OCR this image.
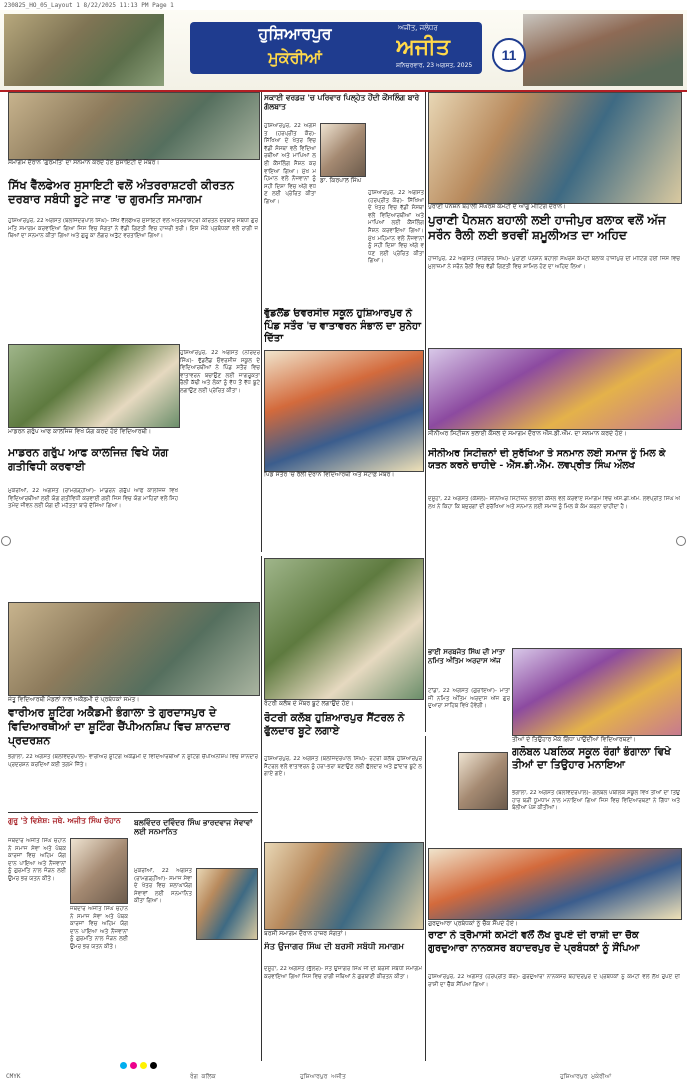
230825_HO_05_Layout 1 8/22/2025 11:13 PM Page 1
ਹੁਸ਼ਿਆਰਪੁਰ
ਮੁਕੇਰੀਆਂ
ਅਜੀਤ, ਜਲੰਧਰ
ਅਜੀਤ
ਸ਼ਨਿਚਰਵਾਰ, 23 ਅਗਸਤ, 2025
11
ਸਮਾਗਮ ਦੌਰਾਨ 'ਗੁਰਮਤਿ' ਦਾ ਸਨਮਾਨ ਕਰਦੇ ਹੋਏ ਸੁਸਾਇਟੀ ਦੇ ਮੈਂਬਰ।
ਸਿੱਖ ਵੈੱਲਫੇਅਰ ਸੁਸਾਇਟੀ ਵਲੋਂ ਅੰਤਰਰਾਸ਼ਟਰੀ ਕੀਰਤਨ ਦਰਬਾਰ ਸਬੰਧੀ ਬੂਟੇ ਜਾਣ 'ਚ ਗੁਰਮਤਿ ਸਮਾਗਮ
ਹੁਸ਼ਿਆਰਪੁਰ, 22 ਅਗਸਤ (ਬਲਜਿੰਦਰਪਾਲ ਸਿੰਘ)- ਸਿੱਖ ਵੈੱਲਫੇਅਰ ਸੁਸਾਇਟੀ ਵਲੋਂ ਅੰਤਰਰਾਸ਼ਟਰੀ ਕੀਰਤਨ ਦਰਬਾਰ ਸਬੰਧੀ ਗੁਰਮਤਿ ਸਮਾਗਮ ਕਰਵਾਇਆ ਗਿਆ ਜਿਸ ਵਿਚ ਸੰਗਤਾਂ ਨੇ ਵੱਡੀ ਗਿਣਤੀ ਵਿਚ ਹਾਜ਼ਰੀ ਭਰੀ। ਇਸ ਮੌਕੇ ਪ੍ਰਬੰਧਕਾਂ ਵਲੋਂ ਰਾਗੀ ਜਥਿਆਂ ਦਾ ਸਨਮਾਨ ਕੀਤਾ ਗਿਆ ਅਤੇ ਗੁਰੂ ਕਾ ਲੰਗਰ ਅਤੁੱਟ ਵਰਤਾਇਆ ਗਿਆ।
ਸਕਾਈ ਵਰਡਜ਼ 'ਚ ਪਰਿਵਾਰ ਪਿਲ੍ਹੇਤ ਹੌਂਦੀ ਕੌਂਸਲਿੰਗ ਬਾਰੇ ਗੱਲਬਾਤ
ਡਾ. ਕਿਰਪਾਲ ਸਿੰਘ
ਹੁਸ਼ਿਆਰਪੁਰ, 22 ਅਗਸਤ (ਹਰਪ੍ਰੀਤ ਕੌਰ)- ਸਿੱਖਿਆ ਦੇ ਖੇਤਰ ਵਿਚ ਵੱਡੀ ਸੰਸਥਾ ਵਲੋਂ ਵਿਦਿਆਰਥੀਆਂ ਅਤੇ ਮਾਪਿਆਂ ਲਈ ਕੌਂਸਲਿੰਗ ਸੈਸ਼ਨ ਕਰਵਾਇਆ ਗਿਆ। ਮੁੱਖ ਮਹਿਮਾਨ ਵਲੋਂ ਨੌਜਵਾਨਾਂ ਨੂੰ ਸਹੀ ਦਿਸ਼ਾ ਵਿਚ ਅੱਗੇ ਵਧਣ ਲਈ ਪ੍ਰੇਰਿਤ ਕੀਤਾ ਗਿਆ।
ਹੁਸ਼ਿਆਰਪੁਰ, 22 ਅਗਸਤ (ਹਰਪ੍ਰੀਤ ਕੌਰ)- ਸਿੱਖਿਆ ਦੇ ਖੇਤਰ ਵਿਚ ਵੱਡੀ ਸੰਸਥਾ ਵਲੋਂ ਵਿਦਿਆਰਥੀਆਂ ਅਤੇ ਮਾਪਿਆਂ ਲਈ ਕੌਂਸਲਿੰਗ ਸੈਸ਼ਨ ਕਰਵਾਇਆ ਗਿਆ। ਮੁੱਖ ਮਹਿਮਾਨ ਵਲੋਂ ਨੌਜਵਾਨਾਂ ਨੂੰ ਸਹੀ ਦਿਸ਼ਾ ਵਿਚ ਅੱਗੇ ਵਧਣ ਲਈ ਪ੍ਰੇਰਿਤ ਕੀਤਾ ਗਿਆ।
ਪੁਰਾਣੀ ਪੈਨਸ਼ਨ ਬਹਾਲੀ ਸੰਘਰਸ਼ ਕਮੇਟੀ ਦੇ ਆਗੂ ਮੀਟਿੰਗ ਦੌਰਾਨ।
ਪੁਰਾਣੀ ਪੈਨਸ਼ਨ ਬਹਾਲੀ ਲਈ ਹਾਜੀਪੁਰ ਬਲਾਕ ਵਲੋਂ ਅੱਜ ਸਰੌਨ ਰੈਲੀ ਲਈ ਭਰਵੀਂ ਸ਼ਮੂਲੀਅਤ ਦਾ ਅਹਿਦ
ਹਾਜੀਪੁਰ, 22 ਅਗਸਤ (ਜੋਗਿੰਦਰ ਸਿੰਘ)- ਪੁਰਾਣੀ ਪੈਨਸ਼ਨ ਬਹਾਲੀ ਸੰਘਰਸ਼ ਕਮੇਟੀ ਬਲਾਕ ਹਾਜੀਪੁਰ ਦੀ ਮੀਟਿੰਗ ਹੋਈ ਜਿਸ ਵਿਚ ਮੁਲਾਜ਼ਮਾਂ ਨੇ ਸਰੌਨ ਰੈਲੀ ਵਿਚ ਵੱਡੀ ਗਿਣਤੀ ਵਿਚ ਸ਼ਾਮਿਲ ਹੋਣ ਦਾ ਅਹਿਦ ਲਿਆ।
ਵੁੱਡਲੈਂਡ ਓਵਰਸੀਜ਼ ਸਕੂਲ ਹੁਸ਼ਿਆਰਪੁਰ ਨੇ ਪਿੰਡ ਸਤੌਰ 'ਚ ਵਾਤਾਵਰਨ ਸੰਭਾਲ ਦਾ ਸੁਨੇਹਾ ਦਿੱਤਾ
ਪਿੰਡ ਸਤੌਰ 'ਚ ਰੈਲੀ ਦੌਰਾਨ ਵਿਦਿਆਰਥੀ ਅਤੇ ਸਟਾਫ਼ ਮੈਂਬਰ।
ਹੁਸ਼ਿਆਰਪੁਰ, 22 ਅਗਸਤ (ਨਰਿੰਦਰ ਸਿੰਘ)- ਵੁੱਡਲੈਂਡ ਓਵਰਸੀਜ਼ ਸਕੂਲ ਦੇ ਵਿਦਿਆਰਥੀਆਂ ਨੇ ਪਿੰਡ ਸਤੌਰ ਵਿਚ ਵਾਤਾਵਰਨ ਬਚਾਉਣ ਲਈ ਜਾਗਰੂਕਤਾ ਰੈਲੀ ਕੱਢੀ ਅਤੇ ਲੋਕਾਂ ਨੂੰ ਵੱਧ ਤੋਂ ਵੱਧ ਬੂਟੇ ਲਗਾਉਣ ਲਈ ਪ੍ਰੇਰਿਤ ਕੀਤਾ।
ਮਾਡਰਨ ਗਰੁੱਪ ਆਫ ਕਾਲਜਿਜ਼ ਵਿਖੇ ਯੋਗ ਕਰਦੇ ਹੋਏ ਵਿਦਿਆਰਥੀ।
ਮਾਡਰਨ ਗਰੁੱਪ ਆਫ ਕਾਲਜਿਜ਼ ਵਿਖੇ ਯੋਗ ਗਤੀਵਿਧੀ ਕਰਵਾਈ
ਮੁਕੇਰੀਆਂ, 22 ਅਗਸਤ (ਰਾਮਗੜ੍ਹੀਆ)- ਮਾਡਰਨ ਗਰੁੱਪ ਆਫ ਕਾਲਜਿਜ਼ ਵਿਖੇ ਵਿਦਿਆਰਥੀਆਂ ਲਈ ਯੋਗ ਗਤੀਵਿਧੀ ਕਰਵਾਈ ਗਈ ਜਿਸ ਵਿਚ ਯੋਗ ਮਾਹਿਰਾਂ ਵਲੋਂ ਸਿਹਤਮੰਦ ਜੀਵਨ ਲਈ ਯੋਗ ਦੀ ਮਹੱਤਤਾ ਬਾਰੇ ਦੱਸਿਆ ਗਿਆ।
ਸੀਨੀਅਰ ਸਿਟੀਜ਼ਨ ਭਲਾਈ ਕੌਂਸਲ ਦੇ ਸਮਾਗਮ ਦੌਰਾਨ ਐੱਸ.ਡੀ.ਐੱਮ. ਦਾ ਸਨਮਾਨ ਕਰਦੇ ਹੋਏ।
ਸੀਨੀਅਰ ਸਿਟੀਜ਼ਨਾਂ ਦੀ ਸੁਰੱਖਿਆ ਤੇ ਸਨਮਾਨ ਲਈ ਸਮਾਜ ਨੂੰ ਮਿਲ ਕੇ ਯਤਨ ਕਰਨੇ ਚਾਹੀਦੇ - ਐੱਸ.ਡੀ.ਐੱਮ. ਲਵਪ੍ਰੀਤ ਸਿੰਘ ਔਲਖ
ਦਸੂਹਾ, 22 ਅਗਸਤ (ਕੌਸ਼ਲ)- ਸੀਨੀਅਰ ਸਿਟੀਜ਼ਨ ਭਲਾਈ ਕੌਂਸਲ ਵਲੋਂ ਕਰਵਾਏ ਸਮਾਗਮ ਵਿਚ ਐੱਸ.ਡੀ.ਐੱਮ. ਲਵਪ੍ਰੀਤ ਸਿੰਘ ਔਲਖ ਨੇ ਕਿਹਾ ਕਿ ਬਜ਼ੁਰਗਾਂ ਦੀ ਸੁਰੱਖਿਆ ਅਤੇ ਸਨਮਾਨ ਲਈ ਸਮਾਜ ਨੂੰ ਮਿਲ ਕੇ ਕੰਮ ਕਰਨਾ ਚਾਹੀਦਾ ਹੈ।
ਭਾਈ ਸਰਬਜੋਤ ਸਿੰਘ ਦੀ ਮਾਤਾ ਨਮਿਤ ਅੰਤਿਮ ਅਰਦਾਸ ਅੱਜ
ਟਾਂਡਾ, 22 ਅਗਸਤ (ਗੁਰਾਇਆ)- ਮਾਤਾ ਜੀ ਨਮਿਤ ਅੰਤਿਮ ਅਰਦਾਸ ਅੱਜ ਗੁਰਦੁਆਰਾ ਸਾਹਿਬ ਵਿਖੇ ਹੋਵੇਗੀ।
ਤੀਆਂ ਦੇ ਤਿਉਹਾਰ ਮੌਕੇ ਗਿੱਧਾ ਪਾਉਂਦੀਆਂ ਵਿਦਿਆਰਥਣਾਂ।
ਗਲੋਬਲ ਪਬਲਿਕ ਸਕੂਲ ਰੰਗਾਂ ਭੰਗਾਲਾ ਵਿਖੇ ਤੀਆਂ ਦਾ ਤਿਉਹਾਰ ਮਨਾਇਆ
ਭੰਗਾਲਾ, 22 ਅਗਸਤ (ਬਲਵਿੰਦਰਪਾਲ)- ਗਲੋਬਲ ਪਬਲਿਕ ਸਕੂਲ ਵਿਖੇ ਤੀਆਂ ਦਾ ਤਿਉਹਾਰ ਬੜੀ ਧੂਮਧਾਮ ਨਾਲ ਮਨਾਇਆ ਗਿਆ ਜਿਸ ਵਿਚ ਵਿਦਿਆਰਥਣਾਂ ਨੇ ਗਿੱਧਾ ਅਤੇ ਬੋਲੀਆਂ ਪੇਸ਼ ਕੀਤੀਆਂ।
ਜੇਤੂ ਵਿਦਿਆਰਥੀ ਮੈਡਲਾਂ ਨਾਲ ਅਕੈਡਮੀ ਦੇ ਪ੍ਰਬੰਧਕਾਂ ਸਮੇਤ।
ਵਾਰੀਅਰ ਸ਼ੂਟਿੰਗ ਅਕੈਡਮੀ ਭੰਗਾਲਾ ਤੇ ਗੁਰਦਾਸਪੁਰ ਦੇ ਵਿਦਿਆਰਥੀਆਂ ਦਾ ਸ਼ੂਟਿੰਗ ਚੈਂਪੀਅਨਸ਼ਿਪ ਵਿਚ ਸ਼ਾਨਦਾਰ ਪ੍ਰਦਰਸ਼ਨ
ਭੰਗਾਲਾ, 22 ਅਗਸਤ (ਬਲਵਿੰਦਰਪਾਲ)- ਵਾਰੀਅਰ ਸ਼ੂਟਿੰਗ ਅਕੈਡਮੀ ਦੇ ਵਿਦਿਆਰਥੀਆਂ ਨੇ ਸ਼ੂਟਿੰਗ ਚੈਂਪੀਅਨਸ਼ਿਪ ਵਿਚ ਸ਼ਾਨਦਾਰ ਪ੍ਰਦਰਸ਼ਨ ਕਰਦਿਆਂ ਕਈ ਤਗਮੇ ਜਿੱਤੇ।
ਰੋਟਰੀ ਕਲੱਬ ਦੇ ਮੈਂਬਰ ਬੂਟੇ ਲਗਾਉਂਦੇ ਹੋਏ।
ਰੋਟਰੀ ਕਲੱਬ ਹੁਸ਼ਿਆਰਪੁਰ ਸੈਂਟਰਲ ਨੇ ਫੁੱਲਦਾਰ ਬੂਟੇ ਲਗਾਏ
ਹੁਸ਼ਿਆਰਪੁਰ, 22 ਅਗਸਤ (ਬਲਜਿੰਦਰਪਾਲ ਸਿੰਘ)- ਰੋਟਰੀ ਕਲੱਬ ਹੁਸ਼ਿਆਰਪੁਰ ਸੈਂਟਰਲ ਵਲੋਂ ਵਾਤਾਵਰਨ ਨੂੰ ਹਰਾ-ਭਰਾ ਬਣਾਉਣ ਲਈ ਫੁੱਲਦਾਰ ਅਤੇ ਛਾਂਦਾਰ ਬੂਟੇ ਲਗਾਏ ਗਏ।
ਗੁਰੂ 'ਤੇ ਵਿਸ਼ੇਸ਼: ਜਥੇ. ਅਜੀਤ ਸਿੰਘ ਚੋਹਾਨ
ਜਥੇਦਾਰ ਅਜੀਤ ਸਿੰਘ ਚੋਹਾਨ ਨੇ ਸਮਾਜ ਸੇਵਾ ਅਤੇ ਪੰਥਕ ਕਾਰਜਾਂ ਵਿਚ ਅਹਿਮ ਯੋਗਦਾਨ ਪਾਇਆ ਅਤੇ ਨੌਜਵਾਨਾਂ ਨੂੰ ਗੁਰਮਤਿ ਨਾਲ ਜੋੜਨ ਲਈ ਉਮਰ ਭਰ ਯਤਨ ਕੀਤੇ।
ਜਥੇਦਾਰ ਅਜੀਤ ਸਿੰਘ ਚੋਹਾਨ ਨੇ ਸਮਾਜ ਸੇਵਾ ਅਤੇ ਪੰਥਕ ਕਾਰਜਾਂ ਵਿਚ ਅਹਿਮ ਯੋਗਦਾਨ ਪਾਇਆ ਅਤੇ ਨੌਜਵਾਨਾਂ ਨੂੰ ਗੁਰਮਤਿ ਨਾਲ ਜੋੜਨ ਲਈ ਉਮਰ ਭਰ ਯਤਨ ਕੀਤੇ।
ਬਲਵਿੰਦਰ ਦਵਿੰਦਰ ਸਿੰਘ ਭਾਰਦਵਾਜ ਸੇਵਾਵਾਂ ਲਈ ਸਨਮਾਨਿਤ
ਮੁਕੇਰੀਆਂ, 22 ਅਗਸਤ (ਰਾਮਗੜ੍ਹੀਆ)- ਸਮਾਜ ਸੇਵਾ ਦੇ ਖੇਤਰ ਵਿਚ ਸ਼ਲਾਘਾਯੋਗ ਸੇਵਾਵਾਂ ਲਈ ਸਨਮਾਨਿਤ ਕੀਤਾ ਗਿਆ।
ਬਰਸੀ ਸਮਾਗਮ ਦੌਰਾਨ ਹਾਜ਼ਰ ਸੰਗਤਾਂ।
ਸੰਤ ਉਜਾਗਰ ਸਿੰਘ ਦੀ ਬਰਸੀ ਸਬੰਧੀ ਸਮਾਗਮ
ਦਸੂਹਾ, 22 ਅਗਸਤ (ਭੁੱਲਰ)- ਸੰਤ ਉਜਾਗਰ ਸਿੰਘ ਜੀ ਦੀ ਬਰਸੀ ਸਬੰਧੀ ਸਮਾਗਮ ਕਰਵਾਇਆ ਗਿਆ ਜਿਸ ਵਿਚ ਰਾਗੀ ਜਥਿਆਂ ਨੇ ਗੁਰਬਾਣੀ ਕੀਰਤਨ ਕੀਤਾ।
ਗੁਰਦੁਆਰਾ ਪ੍ਰਬੰਧਕਾਂ ਨੂੰ ਚੈੱਕ ਸੌਂਪਦੇ ਹੋਏ।
ਰਾਣਾ ਨੇ ਤ੍ਰੈਮਾਸੀ ਕਮੇਟੀ ਵਲੋਂ ਲੱਖ ਰੁਪਏ ਦੀ ਰਾਸ਼ੀ ਦਾ ਚੈੱਕ ਗੁਰਦੁਆਰਾ ਨਾਨਕਸਰ ਬਹਾਦਰਪੁਰ ਦੇ ਪ੍ਰਬੰਧਕਾਂ ਨੂੰ ਸੌਂਪਿਆ
ਹੁਸ਼ਿਆਰਪੁਰ, 22 ਅਗਸਤ (ਹਰਪ੍ਰੀਤ ਕੌਰ)- ਗੁਰਦੁਆਰਾ ਨਾਨਕਸਰ ਬਹਾਦਰਪੁਰ ਦੇ ਪ੍ਰਬੰਧਕਾਂ ਨੂੰ ਕਮੇਟੀ ਵਲੋਂ ਲੱਖ ਰੁਪਏ ਦੀ ਰਾਸ਼ੀ ਦਾ ਚੈੱਕ ਸੌਂਪਿਆ ਗਿਆ।
CMYK	ਰੰਗ ਕਲਿਕ	ਹੁਸ਼ਿਆਰਪੁਰ ਅਜੀਤ	ਹੁਸ਼ਿਆਰਪੁਰ ਮੁਕੇਰੀਆਂ
